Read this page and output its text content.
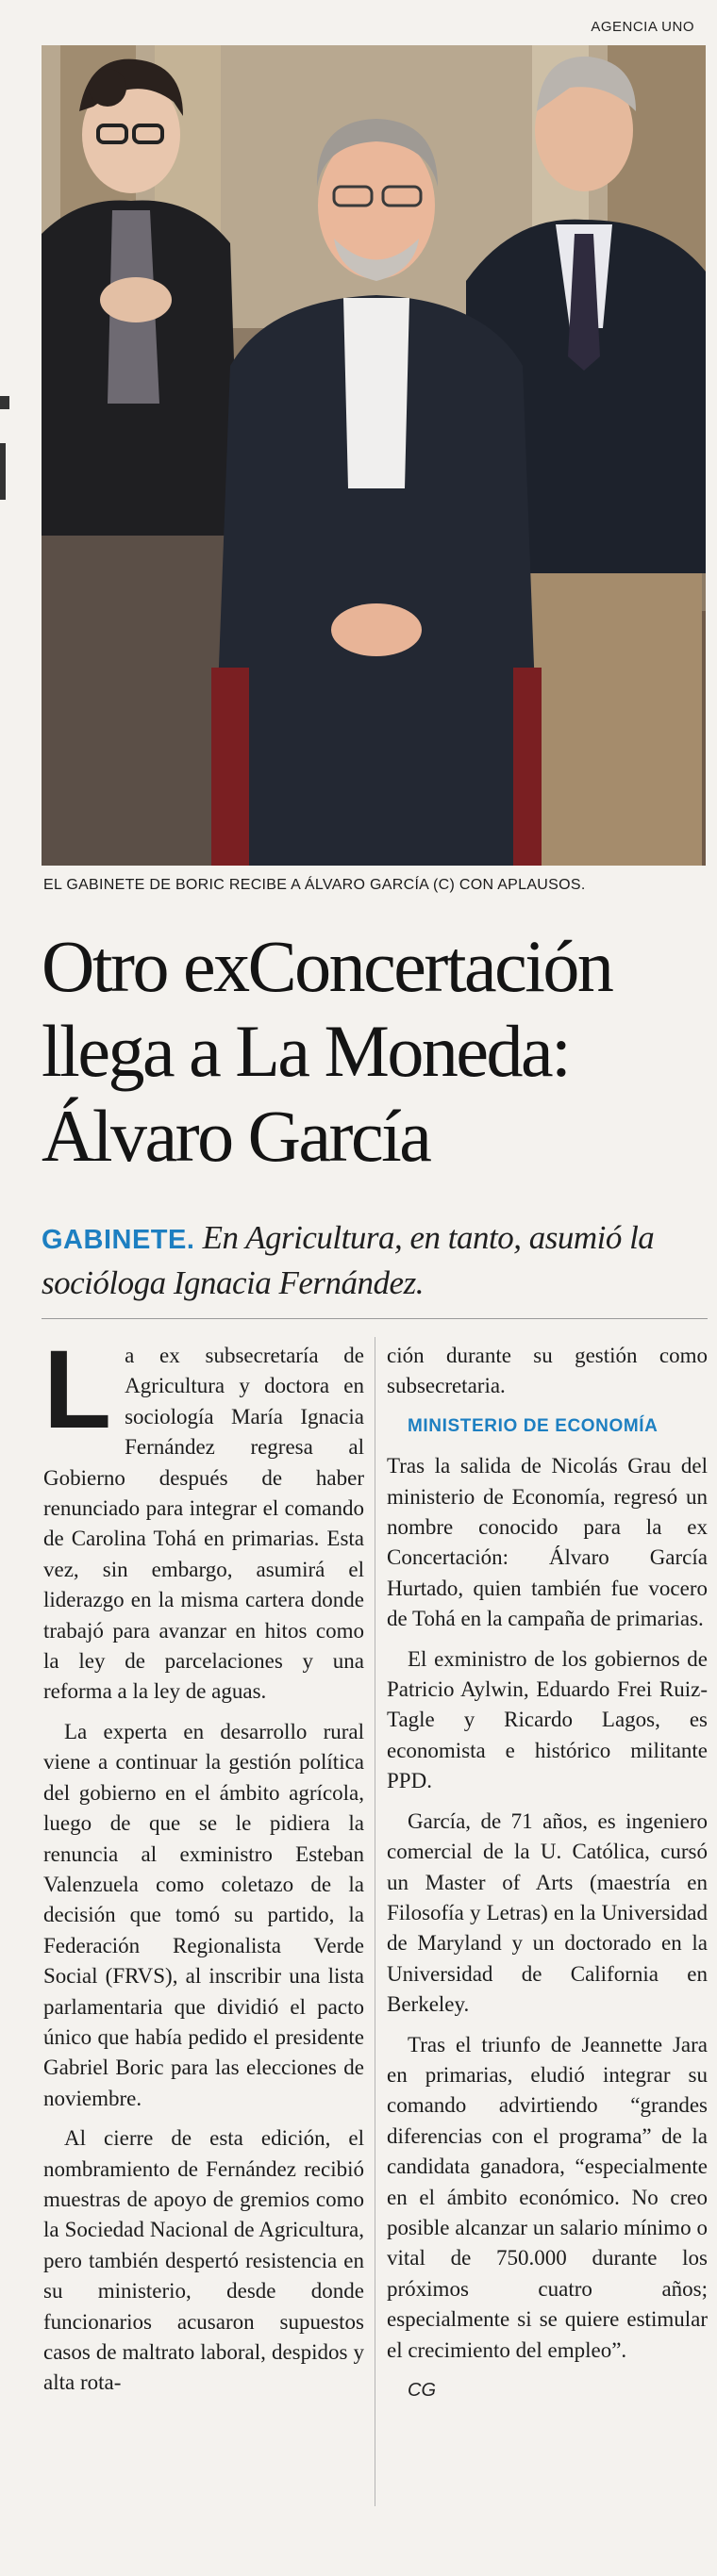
AGENCIA UNO
EL GABINETE DE BORIC RECIBE A ÁLVARO GARCÍA (C) CON APLAUSOS.
Otro exConcertación
llega a La Moneda:
Álvaro García
GABINETE. En Agricultura, en tanto, asumió la socióloga Ignacia Fernández.

La ex subsecretaría de Agricultura y doctora en sociología María Ignacia Fernández regresa al Gobierno después de haber renunciado para integrar el comando de Carolina Tohá en primarias. Esta vez, sin embargo, asumirá el liderazgo en la misma cartera donde trabajó para avanzar en hitos como la ley de parcelaciones y una reforma a la ley de aguas.

La experta en desarrollo rural viene a continuar la gestión política del gobierno en el ámbito agrícola, luego de que se le pidiera la renuncia al exministro Esteban Valenzuela como coletazo de la decisión que tomó su partido, la Federación Regionalista Verde Social (FRVS), al inscribir una lista parlamentaria que dividió el pacto único que había pedido el presidente Gabriel Boric para las elecciones de noviembre.

Al cierre de esta edición, el nombramiento de Fernández recibió muestras de apoyo de gremios como la Sociedad Nacional de Agricultura, pero también despertó resistencia en su ministerio, desde donde funcionarios acusaron supuestos casos de maltrato laboral, despidos y alta rota-

ción durante su gestión como subsecretaria.

MINISTERIO DE ECONOMÍA

Tras la salida de Nicolás Grau del ministerio de Economía, regresó un nombre conocido para la ex Concertación: Álvaro García Hurtado, quien también fue vocero de Tohá en la campaña de primarias.

El exministro de los gobiernos de Patricio Aylwin, Eduardo Frei Ruiz-Tagle y Ricardo Lagos, es economista e histórico militante PPD.

García, de 71 años, es ingeniero comercial de la U. Católica, cursó un Master of Arts (maestría en Filosofía y Letras) en la Universidad de Maryland y un doctorado en la Universidad de California en Berkeley.

Tras el triunfo de Jeannette Jara en primarias, eludió integrar su comando advirtiendo “grandes diferencias con el programa” de la candidata ganadora, “especialmente en el ámbito económico. No creo posible alcanzar un salario mínimo o vital de 750.000 durante los próximos cuatro años; especialmente si se quiere estimular el crecimiento del empleo”.

CG
